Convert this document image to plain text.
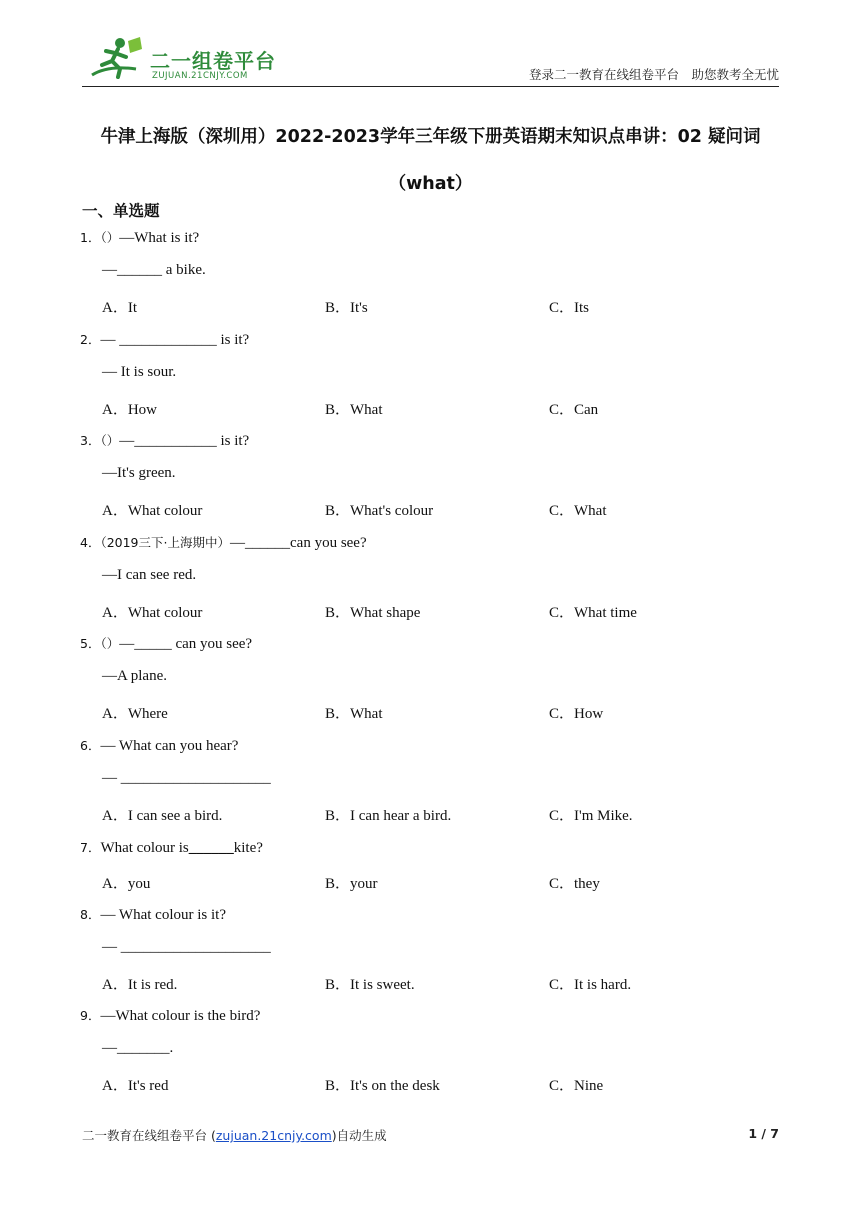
二一组卷平台
ZUJUAN.21CNJY.COM	登录二一教育在线组卷平台　助您教考全无忧
牛津上海版（深圳用）2022-2023学年三年级下册英语期末知识点串讲：02 疑问词（what）
一、单选题
1．（）—What is it?
—______ a bike.
A．It	B．It's	C．Its
2．— _____________ is it?
— It is sour.
A．How	B．What	C．Can
3．（）—___________ is it?
—It's green.
A．What colour	B．What's colour	C．What
4．（2019三下·上海期中）—______can you see?
—I can see red.
A．What colour	B．What shape	C．What time
5．（）—_____ can you see?
—A plane.
A．Where	B．What	C．How
6．— What can you hear?
— ____________________
A．I can see a bird.	B．I can hear a bird.	C．I'm Mike.
7．What colour is______kite?
A．you	B．your	C．they
8．— What colour is it?
— ____________________
A．It is red.	B．It is sweet.	C．It is hard.
9．—What colour is the bird?
—_______.
A．It's red	B．It's on the desk	C．Nine
二一教育在线组卷平台 (zujuan.21cnjy.com)自动生成	1 / 7
